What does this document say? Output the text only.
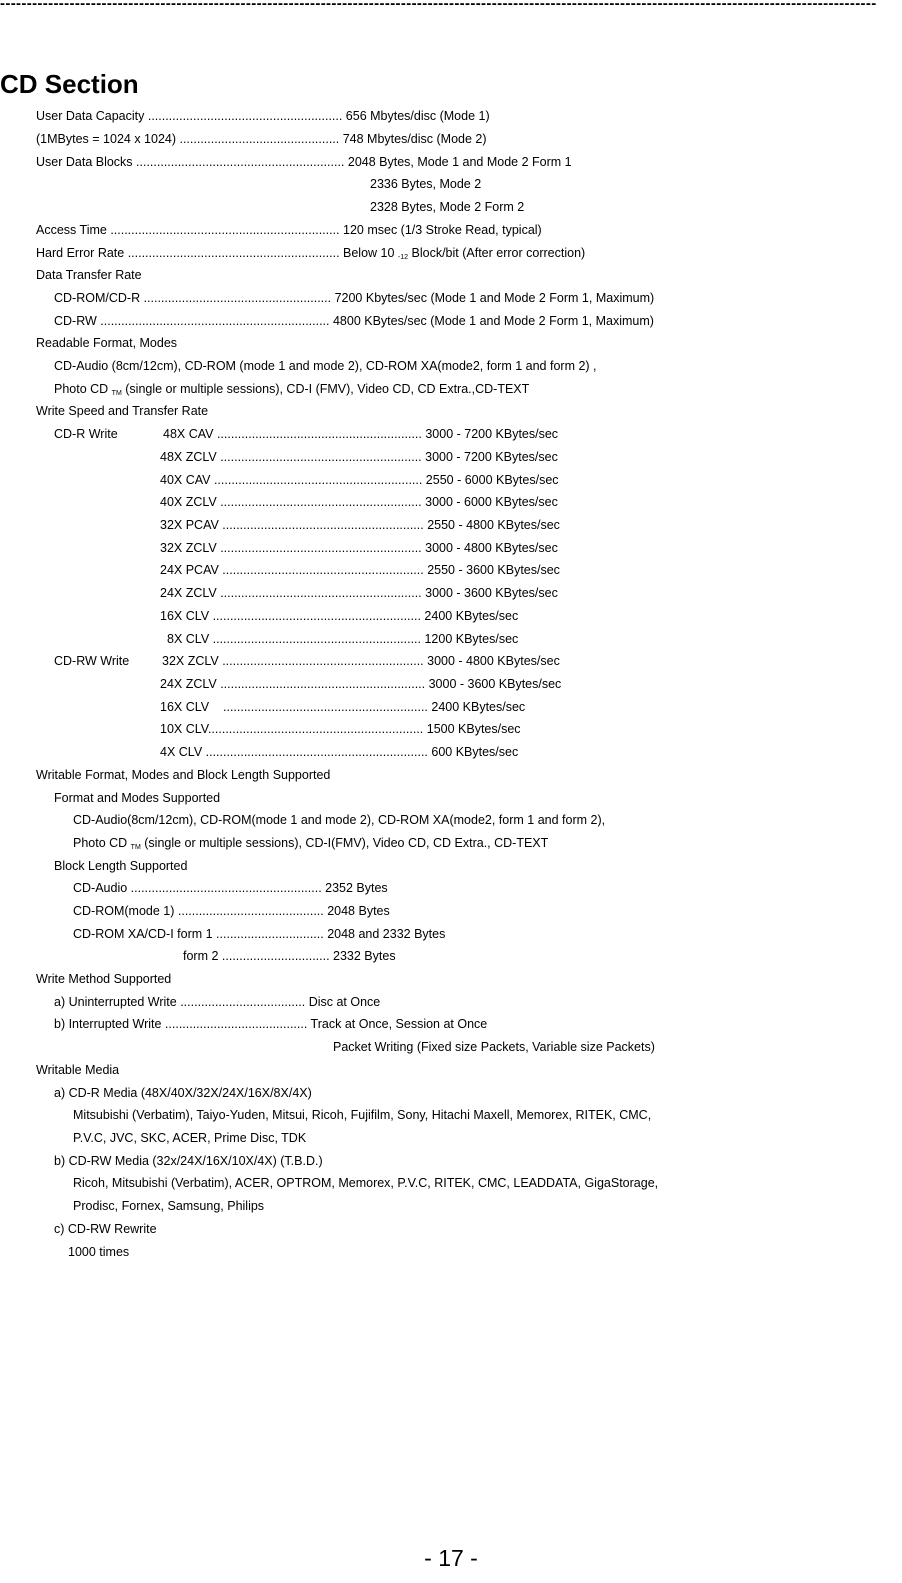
--------------------------------------------------------------------------------------------------------------------------------------------------------------------
CD Section
User Data Capacity ........................................................ 656 Mbytes/disc (Mode 1)
(1MBytes = 1024 x 1024) .............................................. 748 Mbytes/disc (Mode 2)
User Data Blocks ............................................................ 2048 Bytes, Mode 1 and Mode 2 Form 1
2336 Bytes, Mode 2
2328 Bytes, Mode 2 Form 2
Access Time .................................................................. 120 msec (1/3 Stroke Read, typical)
Hard Error Rate ............................................................. Below 10 -12 Block/bit (After error correction)
Data Transfer Rate
CD-ROM/CD-R ...................................................... 7200 Kbytes/sec (Mode 1 and Mode 2 Form 1, Maximum)
CD-RW .................................................................. 4800 KBytes/sec (Mode 1 and Mode 2 Form 1, Maximum)
Readable Format, Modes
CD-Audio (8cm/12cm), CD-ROM (mode 1 and mode 2), CD-ROM XA(mode2, form 1 and form 2) ,
Photo CD TM (single or multiple sessions), CD-I (FMV), Video CD, CD Extra.,CD-TEXT
Write Speed and Transfer Rate
CD-R Write	48X CAV ........................................................... 3000 - 7200 KBytes/sec
48X ZCLV .......................................................... 3000 - 7200 KBytes/sec
40X CAV ............................................................ 2550 - 6000 KBytes/sec
40X ZCLV .......................................................... 3000 - 6000 KBytes/sec
32X PCAV .......................................................... 2550 - 4800 KBytes/sec
32X ZCLV .......................................................... 3000 - 4800 KBytes/sec
24X PCAV .......................................................... 2550 - 3600 KBytes/sec
24X ZCLV .......................................................... 3000 - 3600 KBytes/sec
16X CLV ............................................................ 2400 KBytes/sec
8X CLV ............................................................ 1200 KBytes/sec
CD-RW Write	32X ZCLV .......................................................... 3000 - 4800 KBytes/sec
24X ZCLV ........................................................... 3000 - 3600 KBytes/sec
16X CLV    ........................................................... 2400 KBytes/sec
10X CLV.............................................................. 1500 KBytes/sec
4X CLV ................................................................ 600 KBytes/sec
Writable Format, Modes and Block Length Supported
Format and Modes Supported
CD-Audio(8cm/12cm), CD-ROM(mode 1 and mode 2), CD-ROM XA(mode2, form 1 and form 2),
Photo CD TM (single or multiple sessions), CD-I(FMV), Video CD, CD Extra., CD-TEXT
Block Length Supported
CD-Audio ....................................................... 2352 Bytes
CD-ROM(mode 1) .......................................... 2048 Bytes
CD-ROM XA/CD-I form 1 ............................... 2048 and 2332 Bytes
form 2 ............................... 2332 Bytes
Write Method Supported
a) Uninterrupted Write .................................... Disc at Once
b) Interrupted Write ......................................... Track at Once, Session at Once
Packet Writing (Fixed size Packets, Variable size Packets)
Writable Media
a) CD-R Media (48X/40X/32X/24X/16X/8X/4X)
Mitsubishi (Verbatim), Taiyo-Yuden, Mitsui, Ricoh, Fujifilm, Sony, Hitachi Maxell, Memorex, RITEK, CMC,
P.V.C, JVC, SKC, ACER, Prime Disc, TDK
b) CD-RW Media (32x/24X/16X/10X/4X) (T.B.D.)
Ricoh, Mitsubishi (Verbatim), ACER, OPTROM, Memorex, P.V.C, RITEK, CMC, LEADDATA, GigaStorage,
Prodisc, Fornex, Samsung, Philips
c) CD-RW Rewrite
1000 times
- 17 -
